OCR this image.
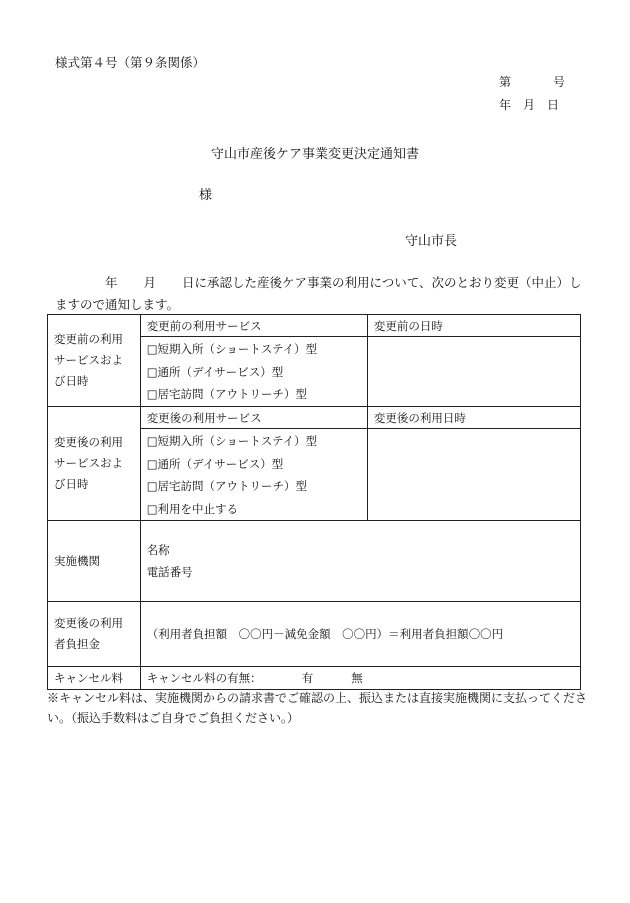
様式第４号（第９条関係）
第	号
年 月 日
守山市産後ケア事業変更決定通知書
様
守山市長
年 月 日に承認した産後ケア事業の利用について、次のとおり変更（中止）しますので通知します。
変更前の利用サービスおよび日時	変更前の利用サービス	変更前の日時

	□短期入所（ショートステイ）型
□通所（デイサービス）型
□居宅訪問（アウトリーチ）型	

変更後の利用サービスおよび日時	変更後の利用サービス	変更後の利用日時

	□短期入所（ショートステイ）型
□通所（デイサービス）型
□居宅訪問（アウトリーチ）型
□利用を中止する	

実施機関	名称
電話番号	

変更後の利用者負担金	（利用者負担額　〇〇円－減免金額　〇〇円）＝利用者負担額〇〇円	
キャンセル料	キャンセル料の有無： 有 無	
※キャンセル料は、実施機関からの請求書でご確認の上、振込または直接実施機関に支払ってください。（振込手数料はご自身でご負担ください。）
